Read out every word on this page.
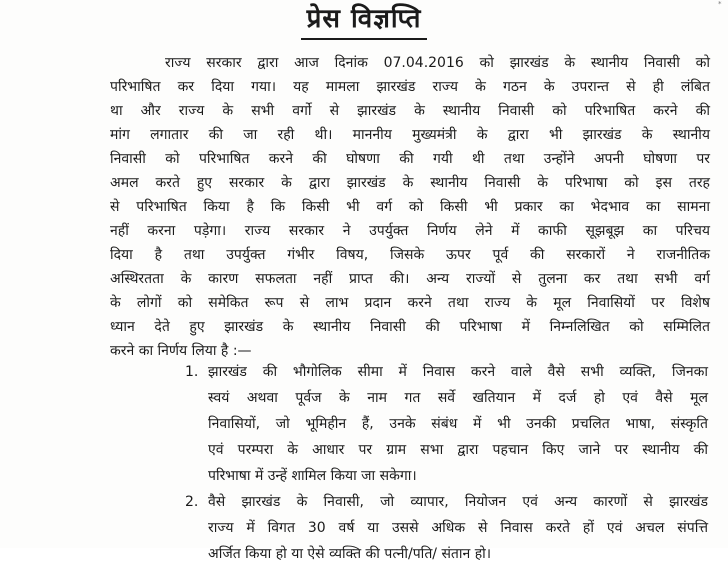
*
प्रेस विज्ञप्ति
राज्य सरकार द्वारा आज दिनांक 07.04.2016 को झारखंड के स्थानीय निवासी को
परिभाषित कर दिया गया। यह मामला झारखंड राज्य के गठन के उपरान्त से ही लंबित
था और राज्य के सभी वर्गो से झारखंड के स्थानीय निवासी को परिभाषित करने की
मांग लगातार की जा रही थी। माननीय मुख्यमंत्री के द्वारा भी झारखंड के स्थानीय
निवासी को परिभाषित करने की घोषणा की गयी थी तथा उन्होंने अपनी घोषणा पर
अमल करते हुए सरकार के द्वारा झारखंड के स्थानीय निवासी के परिभाषा को इस तरह
से परिभाषित किया है कि किसी भी वर्ग को किसी भी प्रकार का भेदभाव का सामना
नहीं करना पड़ेगा। राज्य सरकार ने उपर्युक्त निर्णय लेने में काफी सूझबूझ का परिचय
दिया है तथा उपर्युक्त गंभीर विषय, जिसके ऊपर पूर्व की सरकारों ने राजनीतिक
अस्थिरतता के कारण सफलता नहीं प्राप्त की। अन्य राज्यों से तुलना कर तथा सभी वर्ग
के लोगों को समेकित रूप से लाभ प्रदान करने तथा राज्य के मूल निवासियों पर विशेष
ध्यान देते हुए झारखंड के स्थानीय निवासी की परिभाषा में निम्नलिखित को सम्मिलित
करने का निर्णय लिया है :—
1. झारखंड की भौगोलिक सीमा में निवास करने वाले वैसे सभी व्यक्ति, जिनका
स्वयं अथवा पूर्वज के नाम गत सर्वे खतियान में दर्ज हो एवं वैसे मूल
निवासियों, जो भूमिहीन हैं, उनके संबंध में भी उनकी प्रचलित भाषा, संस्कृति
एवं परम्परा के आधार पर ग्राम सभा द्वारा पहचान किए जाने पर स्थानीय की
परिभाषा में उन्हें शामिल किया जा सकेगा।
2. वैसे झारखंड के निवासी, जो व्यापार, नियोजन एवं अन्य कारणों से झारखंड
राज्य में विगत 30 वर्ष या उससे अधिक से निवास करते हों एवं अचल संपत्ति
अर्जित किया हो या ऐसे व्यक्ति की पत्नी/पति/ संतान हो।
